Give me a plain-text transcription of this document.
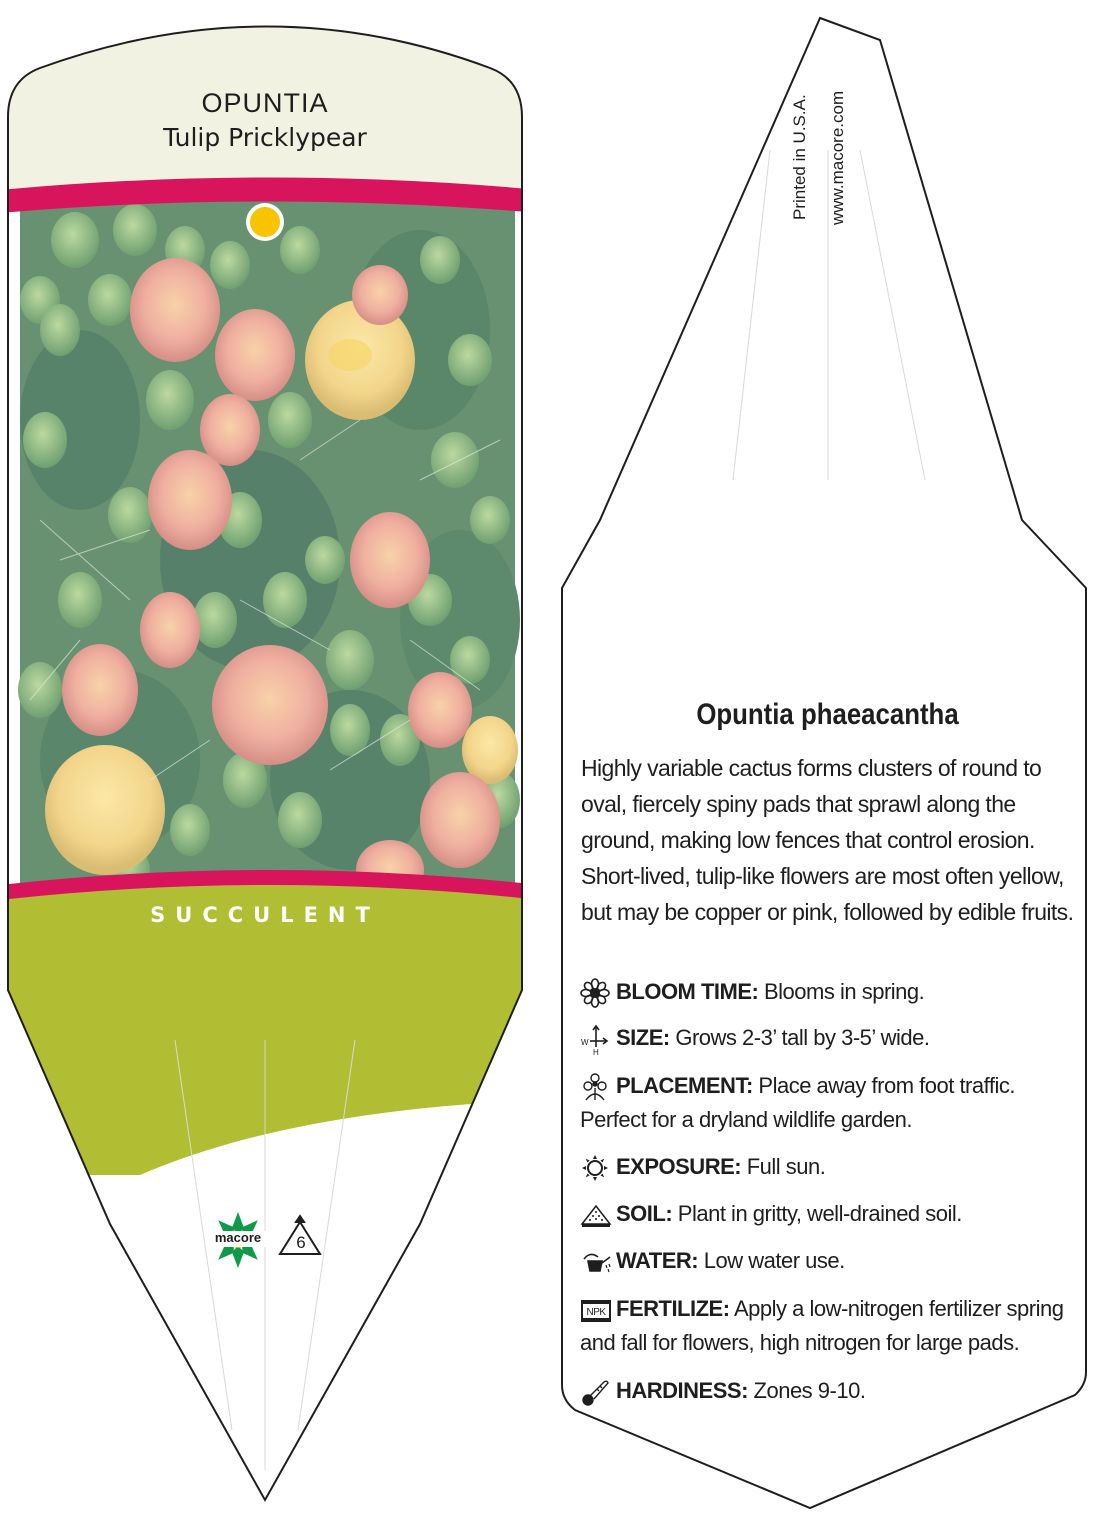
OPUNTIA
Tulip Pricklypear
SUCCULENT
macore	6
Printed in U.S.A.	www.macore.com
Opuntia phaeacantha
Highly variable cactus forms clusters of round to oval, fiercely spiny pads that sprawl along the ground, making low fences that control erosion. Short-lived, tulip-like flowers are most often yellow, but may be copper or pink, followed by edible fruits.
BLOOM TIME: Blooms in spring.
W
H
SIZE: Grows 2-3’ tall by 3-5’ wide.
PLACEMENT: Place away from foot traffic. Perfect for a dryland wildlife garden.
EXPOSURE: Full sun.
SOIL: Plant in gritty, well-drained soil.
WATER: Low water use.
NPK FERTILIZE: Apply a low-nitrogen fertilizer spring and fall for flowers, high nitrogen for large pads.
HARDINESS: Zones 9-10.
